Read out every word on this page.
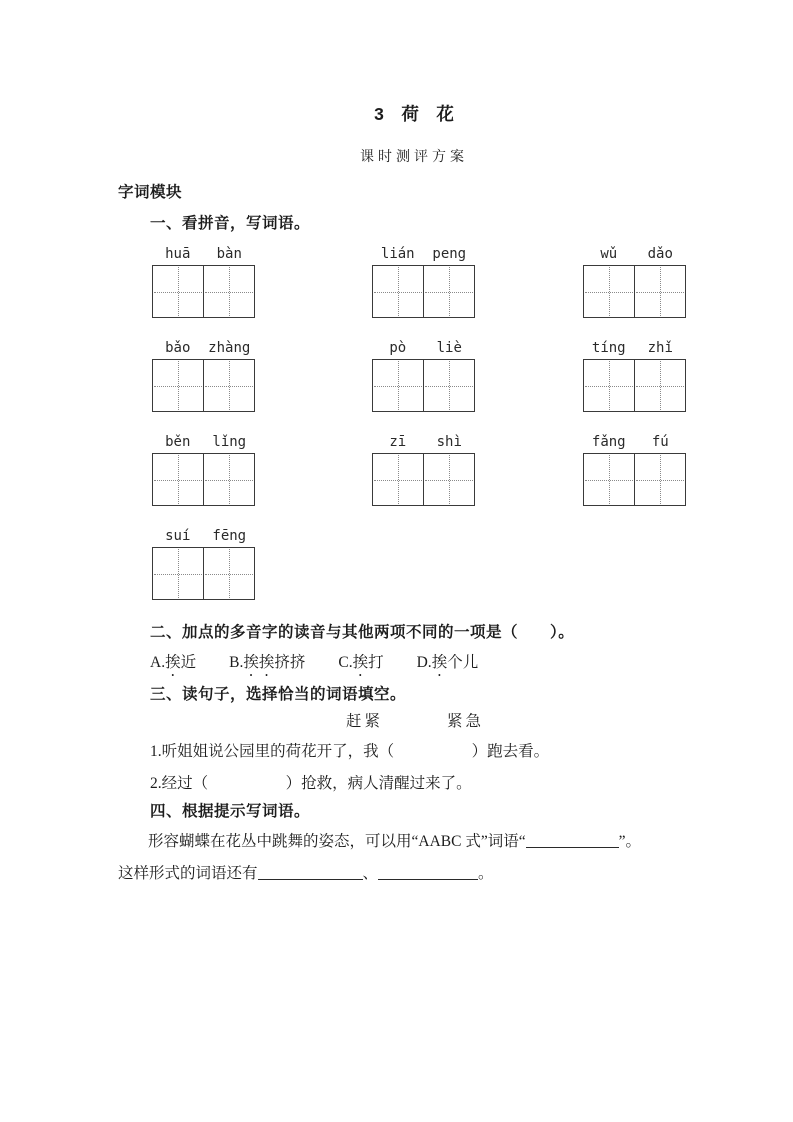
3　荷　花
课时测评方案
字词模块
一、看拼音，写词语。
huā	bàn	lián	peng	wǔ	dǎo
bǎo	zhàng	pò	liè	tíng	zhǐ
běn	lǐng	zī	shì	fǎng	fú
suí	fēng
二、加点的多音字的读音与其他两项不同的一项是（　　）。
A.挨近 B.挨挨挤挤 C.挨打 D.挨个儿
三、读句子，选择恰当的词语填空。
赶紧	紧急
1.听姐姐说公园里的荷花开了，我（　　　　　）跑去看。
2.经过（　　　　　）抢救，病人清醒过来了。
四、根据提示写词语。
形容蝴蝶在花丛中跳舞的姿态，可以用“AABC 式”词语“	”。
这样形式的词语还有	、	。
